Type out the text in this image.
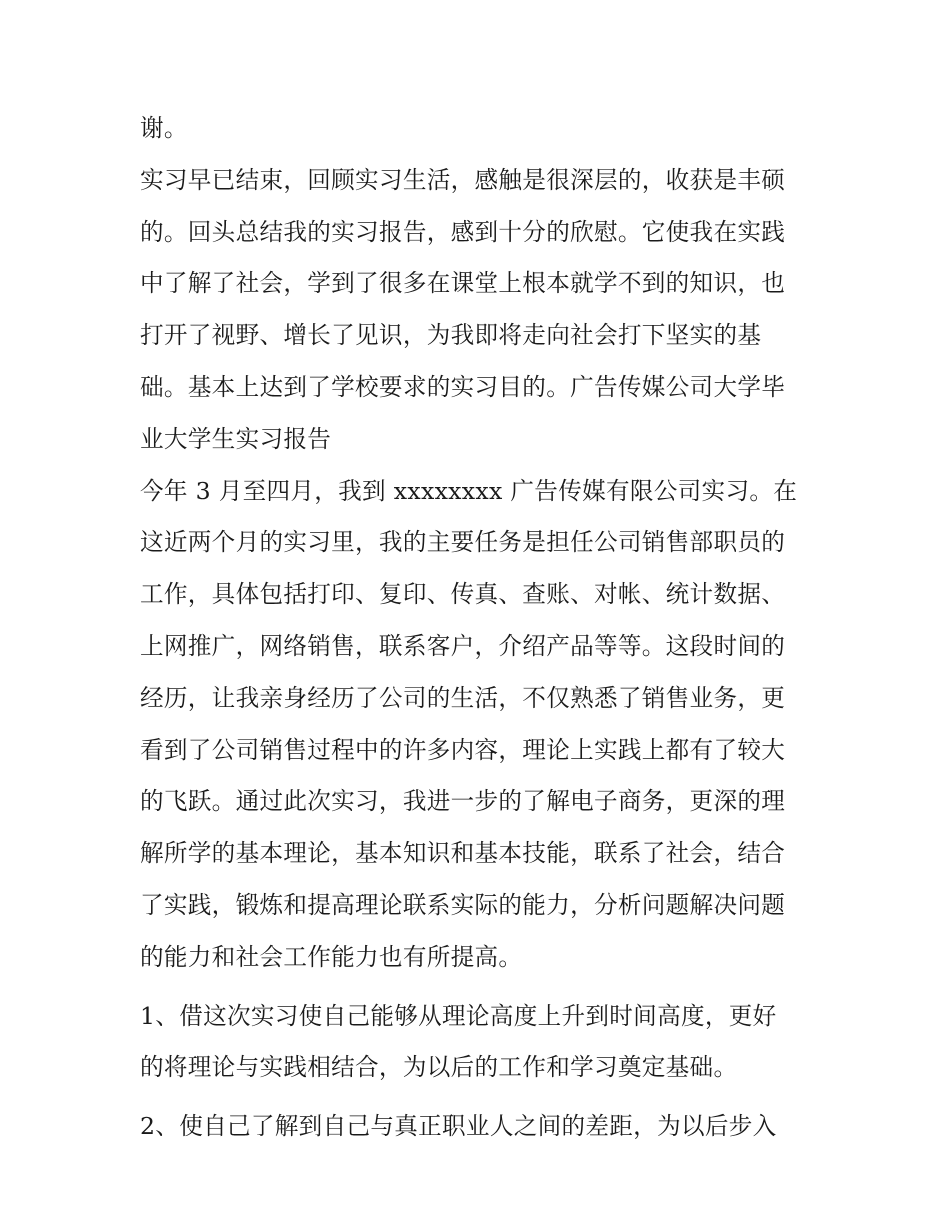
谢。

实习早已结束，回顾实习生活，感触是很深层的，收获是丰硕

的。回头总结我的实习报告，感到十分的欣慰。它使我在实践

中了解了社会，学到了很多在课堂上根本就学不到的知识，也

打开了视野、增长了见识，为我即将走向社会打下坚实的基

础。基本上达到了学校要求的实习目的。广告传媒公司大学毕

业大学生实习报告

今年 3 月至四月，我到 xxxxxxxx 广告传媒有限公司实习。在

这近两个月的实习里，我的主要任务是担任公司销售部职员的

工作，具体包括打印、复印、传真、查账、对帐、统计数据、

上网推广，网络销售，联系客户，介绍产品等等。这段时间的

经历，让我亲身经历了公司的生活，不仅熟悉了销售业务，更

看到了公司销售过程中的许多内容，理论上实践上都有了较大

的飞跃。通过此次实习，我进一步的了解电子商务，更深的理

解所学的基本理论，基本知识和基本技能，联系了社会，结合

了实践，锻炼和提高理论联系实际的能力，分析问题解决问题

的能力和社会工作能力也有所提高。

1、借这次实习使自己能够从理论高度上升到时间高度，更好

的将理论与实践相结合，为以后的工作和学习奠定基础。

2、使自己了解到自己与真正职业人之间的差距，为以后步入
